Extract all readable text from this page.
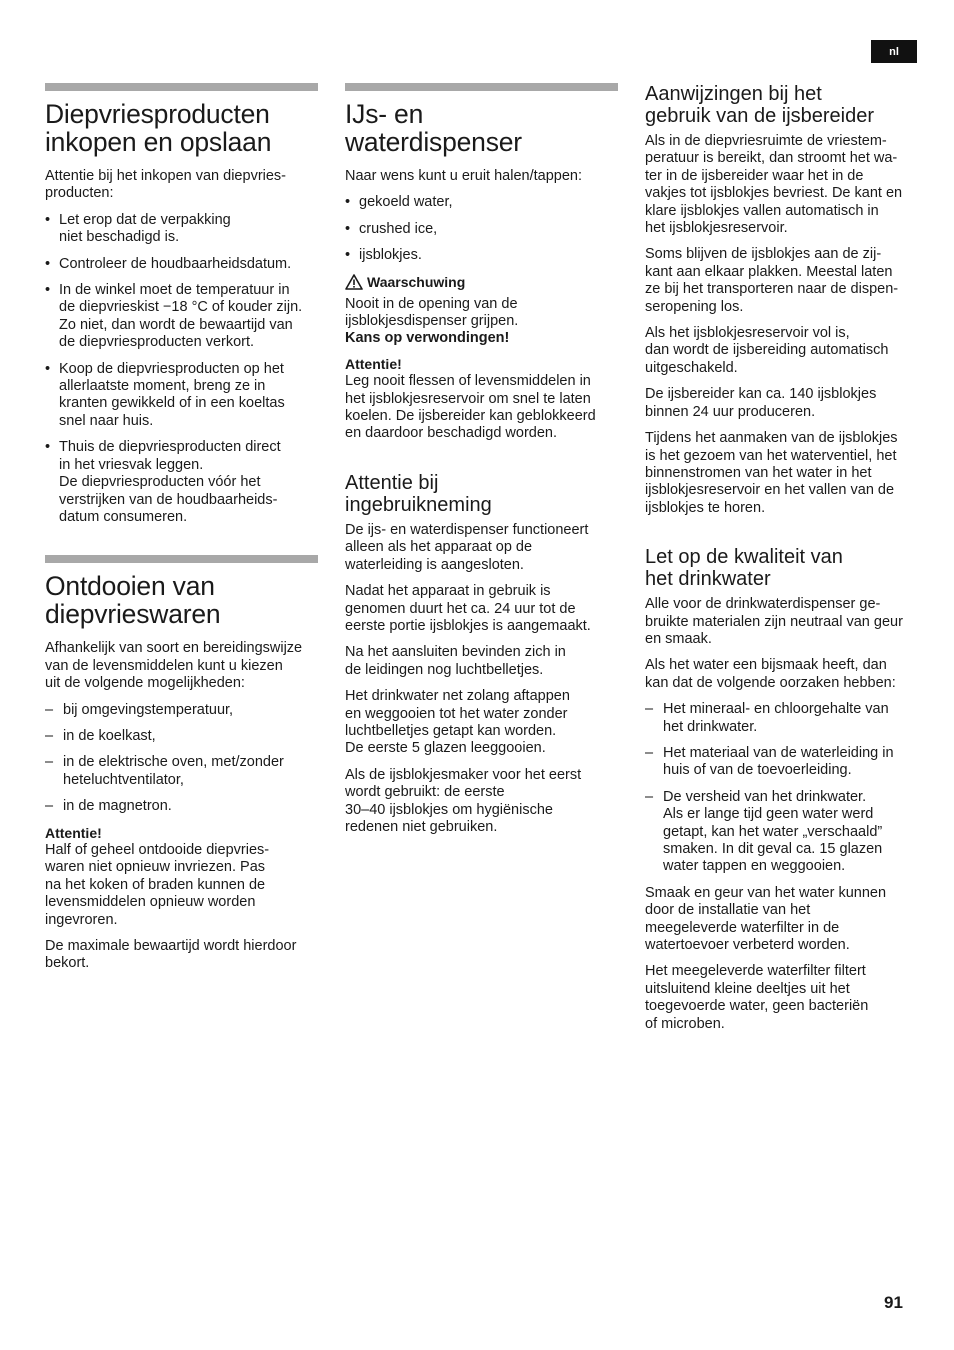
nl
Diepvriesproducten
inkopen en opslaan

Attentie bij het inkopen van diepvries-
producten:

• Let erop dat de verpakking
niet beschadigd is.
• Controleer de houdbaarheidsdatum.
• In de winkel moet de temperatuur in
de diepvrieskist −18 °C of kouder zijn.
Zo niet, dan wordt de bewaartijd van
de diepvriesproducten verkort.
• Koop de diepvriesproducten op het
allerlaatste moment, breng ze in
kranten gewikkeld of in een koeltas
snel naar huis.
• Thuis de diepvriesproducten direct
in het vriesvak leggen.
De diepvriesproducten vóór het
verstrijken van de houdbaarheids-
datum consumeren.
Ontdooien van
diepvrieswaren

Afhankelijk van soort en bereidingswijze
van de levensmiddelen kunt u kiezen
uit de volgende mogelijkheden:

– bij omgevingstemperatuur,
– in de koelkast,
– in de elektrische oven, met/zonder
heteluchtventilator,
– in de magnetron.
Attentie!

Half of geheel ontdooide diepvries-
waren niet opnieuw invriezen. Pas
na het koken of braden kunnen de
levensmiddelen opnieuw worden
ingevroren.

De maximale bewaartijd wordt hierdoor
bekort.

IJs- en
waterdispenser

Naar wens kunt u eruit halen/tappen:

• gekoeld water,
• crushed ice,
• ijsblokjes.
Waarschuwing

Nooit in de opening van de
ijsblokjesdispenser grijpen.
Kans op verwondingen!

Attentie!

Leg nooit flessen of levensmiddelen in
het ijsblokjesreservoir om snel te laten
koelen. De ijsbereider kan geblokkeerd
en daardoor beschadigd worden.

Attentie bij
ingebruikneming

De ijs- en waterdispenser functioneert
alleen als het apparaat op de
waterleiding is aangesloten.

Nadat het apparaat in gebruik is
genomen duurt het ca. 24 uur tot de
eerste portie ijsblokjes is aangemaakt.

Na het aansluiten bevinden zich in
de leidingen nog luchtbelletjes.

Het drinkwater net zolang aftappen
en weggooien tot het water zonder
luchtbelletjes getapt kan worden.
De eerste 5 glazen leeggooien.

Als de ijsblokjesmaker voor het eerst
wordt gebruikt: de eerste
30–40 ijsblokjes om hygiënische
redenen niet gebruiken.

Aanwijzingen bij het
gebruik van de ijsbereider

Als in de diepvriesruimte de vriestem-
peratuur is bereikt, dan stroomt het wa-
ter in de ijsbereider waar het in de
vakjes tot ijsblokjes bevriest. De kant en
klare ijsblokjes vallen automatisch in
het ijsblokjesreservoir.

Soms blijven de ijsblokjes aan de zij-
kant aan elkaar plakken. Meestal laten
ze bij het transporteren naar de dispen-
seropening los.

Als het ijsblokjesreservoir vol is,
dan wordt de ijsbereiding automatisch
uitgeschakeld.

De ijsbereider kan ca. 140 ijsblokjes
binnen 24 uur produceren.

Tijdens het aanmaken van de ijsblokjes
is het gezoem van het waterventiel, het
binnenstromen van het water in het
ijsblokjesreservoir en het vallen van de
ijsblokjes te horen.

Let op de kwaliteit van
het drinkwater

Alle voor de drinkwaterdispenser ge-
bruikte materialen zijn neutraal van geur
en smaak.

Als het water een bijsmaak heeft, dan
kan dat de volgende oorzaken hebben:

– Het mineraal- en chloorgehalte van
het drinkwater.
– Het materiaal van de waterleiding in
huis of van de toevoerleiding.
– De versheid van het drinkwater.
Als er lange tijd geen water werd
getapt, kan het water „verschaald”
smaken. In dit geval ca. 15 glazen
water tappen en weggooien.

Smaak en geur van het water kunnen
door de installatie van het
meegeleverde waterfilter in de
watertoevoer verbeterd worden.

Het meegeleverde waterfilter filtert
uitsluitend kleine deeltjes uit het
toegevoerde water, geen bacteriën
of microben.

91
